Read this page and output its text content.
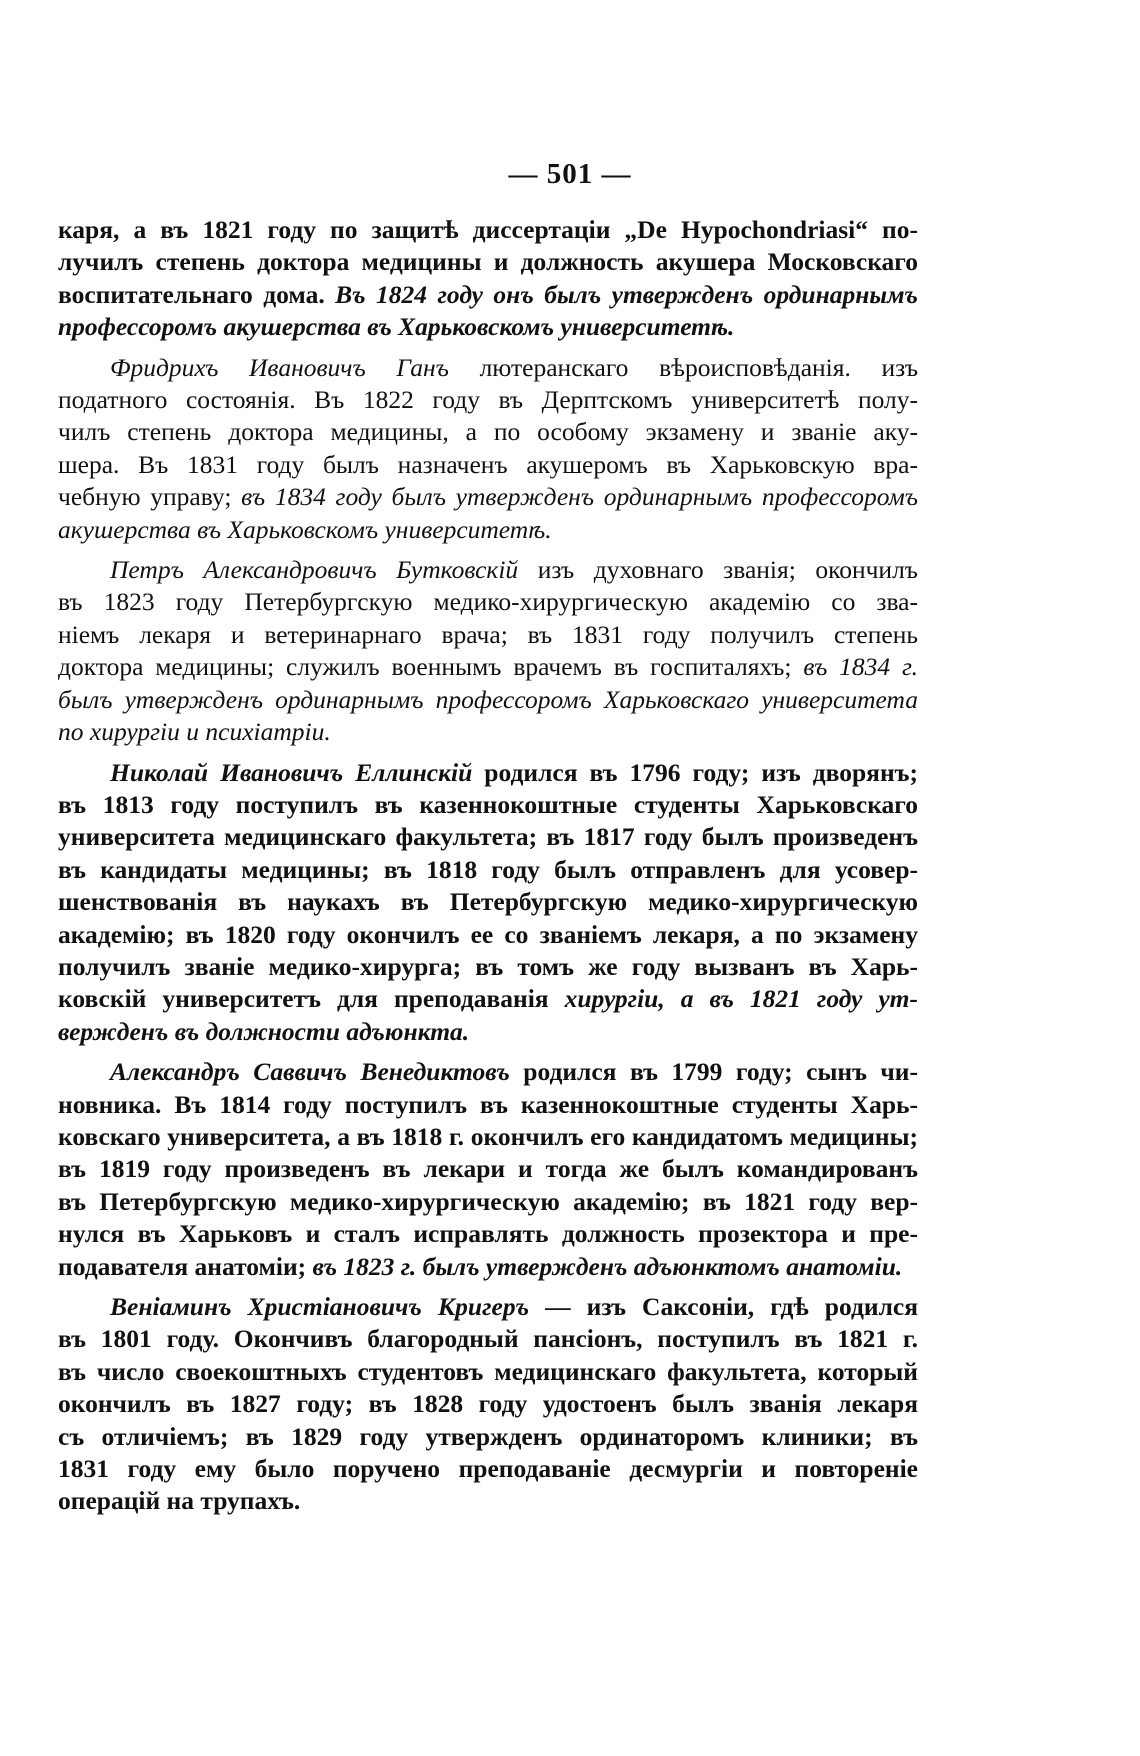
— 501 —
каря, а въ 1821 году по защитѣ диссертаціи „De Hypochondriasi“ по-
лучилъ степень доктора медицины и должность акушера Московскаго
воспитательнаго дома. Въ 1824 году онъ былъ утвержденъ ординарнымъ
профессоромъ акушерства въ Харьковскомъ университетѣ.
Фридрихъ Ивановичъ Ганъ лютеранскаго вѣроисповѣданія. изъ
податного состоянія. Въ 1822 году въ Дерптскомъ университетѣ полу-
чилъ степень доктора медицины, а по особому экзамену и званіе аку-
шера. Въ 1831 году былъ назначенъ акушеромъ въ Харьковскую вра-
чебную управу; въ 1834 году былъ утвержденъ ординарнымъ профессоромъ
акушерства въ Харьковскомъ университетѣ.
Петръ Александровичъ Бутковскій изъ духовнаго званія; окончилъ
въ 1823 году Петербургскую медико-хирургическую академію со зва-
ніемъ лекаря и ветеринарнаго врача; въ 1831 году получилъ степень
доктора медицины; служилъ военнымъ врачемъ въ госпиталяхъ; въ 1834 г.
былъ утвержденъ ординарнымъ профессоромъ Харьковскаго университета
по хирургіи и психіатріи.
Николай Ивановичъ Еллинскій родился въ 1796 году; изъ дворянъ;
въ 1813 году поступилъ въ казеннокоштные студенты Харьковскаго
университета медицинскаго факультета; въ 1817 году былъ произведенъ
въ кандидаты медицины; въ 1818 году былъ отправленъ для усовер-
шенствованія въ наукахъ въ Петербургскую медико-хирургическую
академію; въ 1820 году окончилъ ее со званіемъ лекаря, а по экзамену
получилъ званіе медико-хирурга; въ томъ же году вызванъ въ Харь-
ковскій университетъ для преподаванія хирургіи, а въ 1821 году ут-
вержденъ въ должности адъюнкта.
Александръ Саввичъ Венедиктовъ родился въ 1799 году; сынъ чи-
новника. Въ 1814 году поступилъ въ казеннокоштные студенты Харь-
ковскаго университета, а въ 1818 г. окончилъ его кандидатомъ медицины;
въ 1819 году произведенъ въ лекари и тогда же былъ командированъ
въ Петербургскую медико-хирургическую академію; въ 1821 году вер-
нулся въ Харьковъ и сталъ исправлять должность прозектора и пре-
подавателя анатоміи; въ 1823 г. былъ утвержденъ адъюнктомъ анатоміи.
Веніаминъ Христіановичъ Кригеръ — изъ Саксоніи, гдѣ родился
въ 1801 году. Окончивъ благородный пансіонъ, поступилъ въ 1821 г.
въ число своекоштныхъ студентовъ медицинскаго факультета, который
окончилъ въ 1827 году; въ 1828 году удостоенъ былъ званія лекаря
съ отличіемъ; въ 1829 году утвержденъ ординаторомъ клиники; въ
1831 году ему было поручено преподаваніе десмургіи и повтореніе
операцій на трупахъ.
